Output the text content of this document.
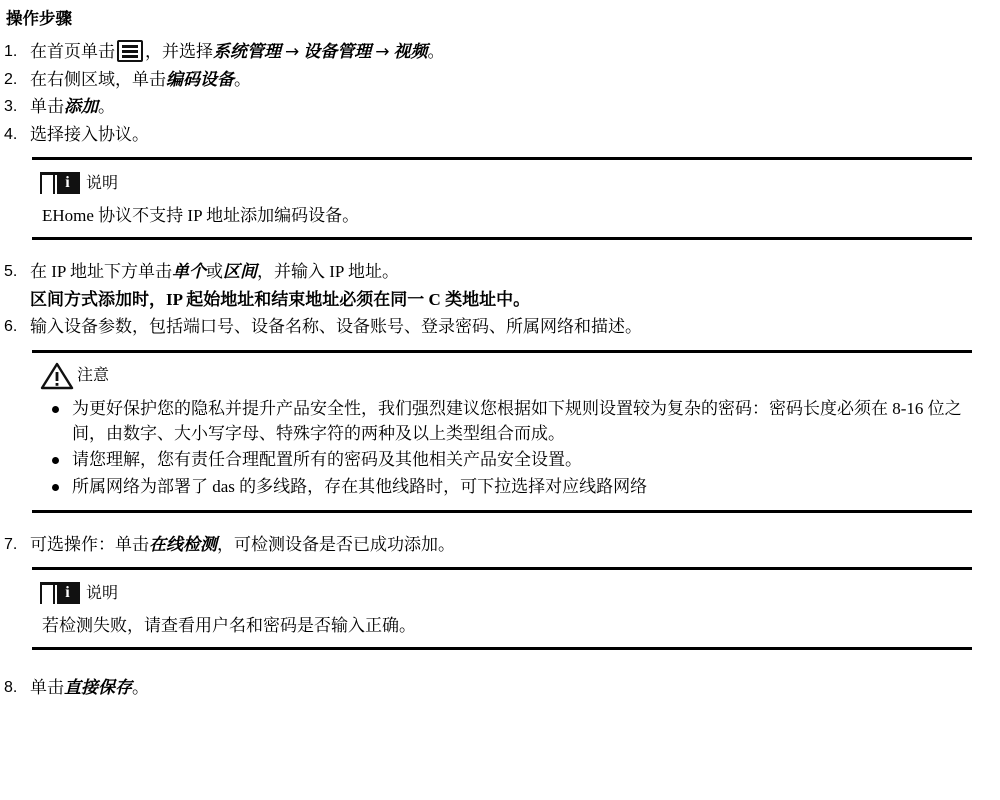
操作步骤
1. 在首页单击 ，并选择系统管理 → 设备管理 → 视频。
2. 在右侧区域，单击编码设备。
3. 单击添加。
4. 选择接入协议。
i	说明
EHome 协议不支持 IP 地址添加编码设备。
5. 在 IP 地址下方单击单个或区间，并输入 IP 地址。
区间方式添加时，IP 起始地址和结束地址必须在同一 C 类地址中。
6. 输入设备参数，包括端口号、设备名称、设备账号、登录密码、所属网络和描述。
注意
为更好保护您的隐私并提升产品安全性，我们强烈建议您根据如下规则设置较为复杂的密码：密码长度必须在 8-16 位之间，由数字、大小写字母、特殊字符的两种及以上类型组合而成。
请您理解，您有责任合理配置所有的密码及其他相关产品安全设置。
所属网络为部署了 das 的多线路，存在其他线路时，可下拉选择对应线路网络
7. 可选操作：单击在线检测，可检测设备是否已成功添加。
i	说明
若检测失败，请查看用户名和密码是否输入正确。
8. 单击直接保存。
